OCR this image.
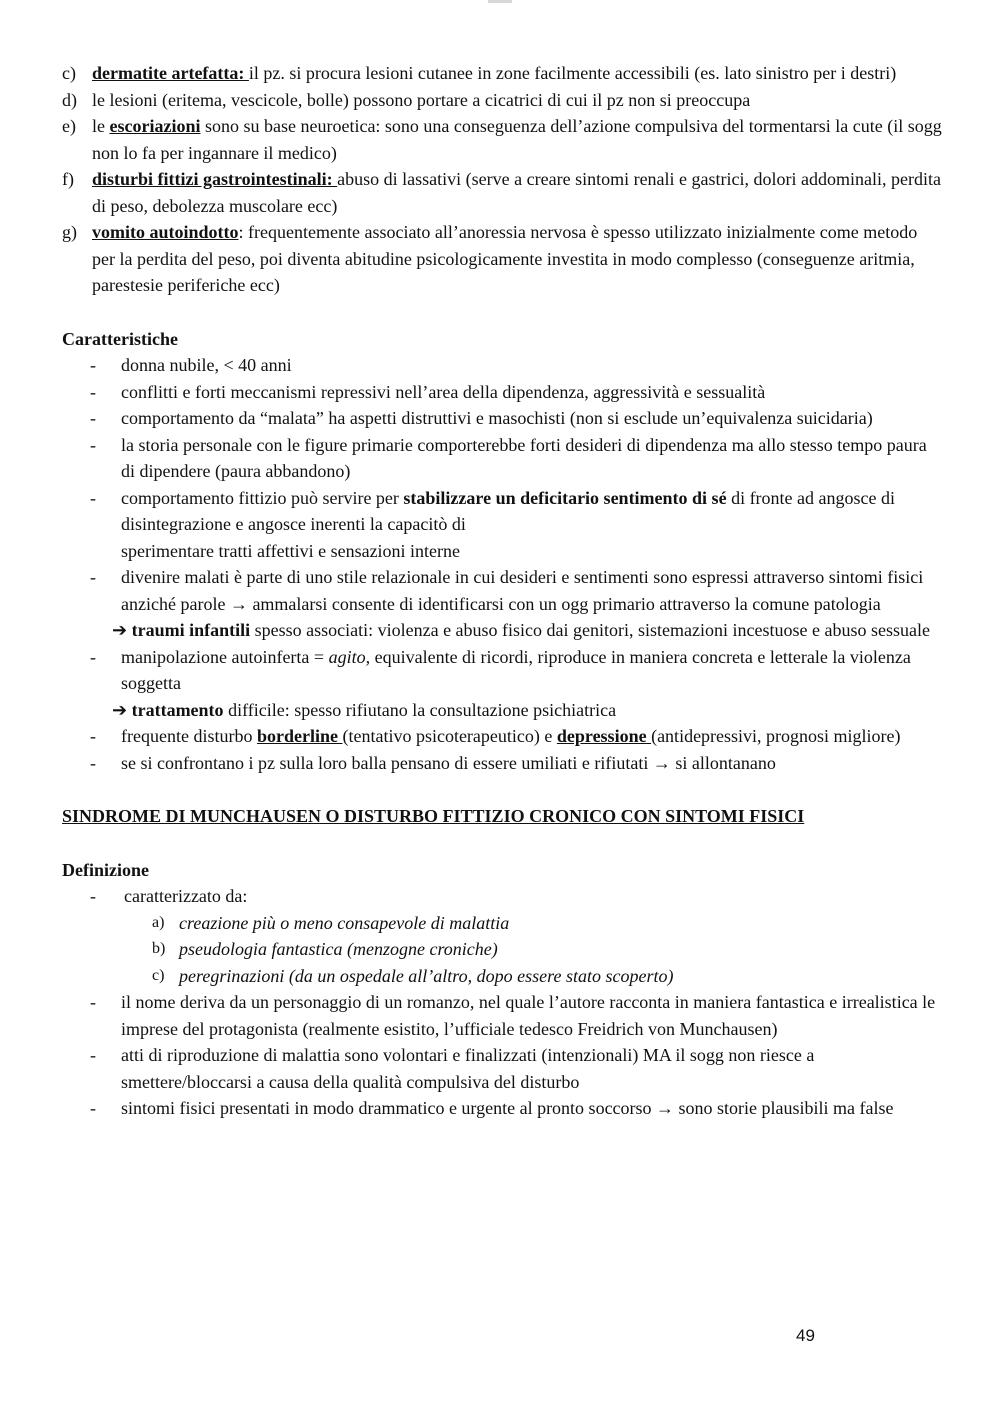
c) dermatite artefatta: il pz. si procura lesioni cutanee in zone facilmente accessibili (es. lato sinistro per i destri)
d) le lesioni (eritema, vescicole, bolle) possono portare a cicatrici di cui il pz non si preoccupa
e) le escoriazioni sono su base neuroetica: sono una conseguenza dell’azione compulsiva del tormentarsi la cute (il sogg non lo fa per ingannare il medico)
f)	disturbi fittizi gastrointestinali: abuso di lassativi (serve a creare sintomi renali e gastrici, dolori addominali, perdita di peso, debolezza muscolare ecc)
g) vomito autoindotto: frequentemente associato all’anoressia nervosa è spesso utilizzato inizialmente come metodo per la perdita del peso, poi diventa abitudine psicologicamente investita in modo complesso (conseguenze aritmia, parestesie periferiche ecc)
Caratteristiche
-	donna nubile, < 40 anni
-	conflitti e forti meccanismi repressivi nell’area della dipendenza, aggressività e sessualità
-	comportamento da “malata” ha aspetti distruttivi e masochisti (non si esclude un’equivalenza suicidaria)
-	la storia personale con le figure primarie comporterebbe forti desideri di dipendenza ma allo stesso tempo paura di dipendere (paura abbandono)
-	comportamento fittizio può servire per stabilizzare un deficitario sentimento di sé di fronte ad angosce di disintegrazione e angosce inerenti la capacitò di
sperimentare tratti affettivi e sensazioni interne
-	divenire malati è parte di uno stile relazionale in cui desideri e sentimenti sono espressi attraverso sintomi fisici anziché parole → ammalarsi consente di identificarsi con un ogg primario attraverso la comune patologia
➔ traumi infantili spesso associati: violenza e abuso fisico dai genitori, sistemazioni incestuose e abuso sessuale
-	manipolazione autoinferta = agito, equivalente di ricordi, riproduce in maniera concreta e letterale la violenza soggetta
➔ trattamento difficile: spesso rifiutano la consultazione psichiatrica
-	frequente disturbo borderline (tentativo psicoterapeutico) e depressione (antidepressivi, prognosi migliore)
-	se si confrontano i pz sulla loro balla pensano di essere umiliati e rifiutati → si allontanano
SINDROME DI MUNCHAUSEN O DISTURBO FITTIZIO CRONICO CON SINTOMI FISICI
Definizione
-	caratterizzato da:
a) creazione più o meno consapevole di malattia
b) pseudologia fantastica (menzogne croniche)
c) peregrinazioni (da un ospedale all’altro, dopo essere stato scoperto)
-	il nome deriva da un personaggio di un romanzo, nel quale l’autore racconta in maniera fantastica e irrealistica le imprese del protagonista (realmente esistito, l’ufficiale tedesco Freidrich von Munchausen)
-	atti di riproduzione di malattia sono volontari e finalizzati (intenzionali) MA il sogg non riesce a smettere/bloccarsi a causa della qualità compulsiva del disturbo
-	sintomi fisici presentati in modo drammatico e urgente al pronto soccorso → sono storie plausibili ma false
49
